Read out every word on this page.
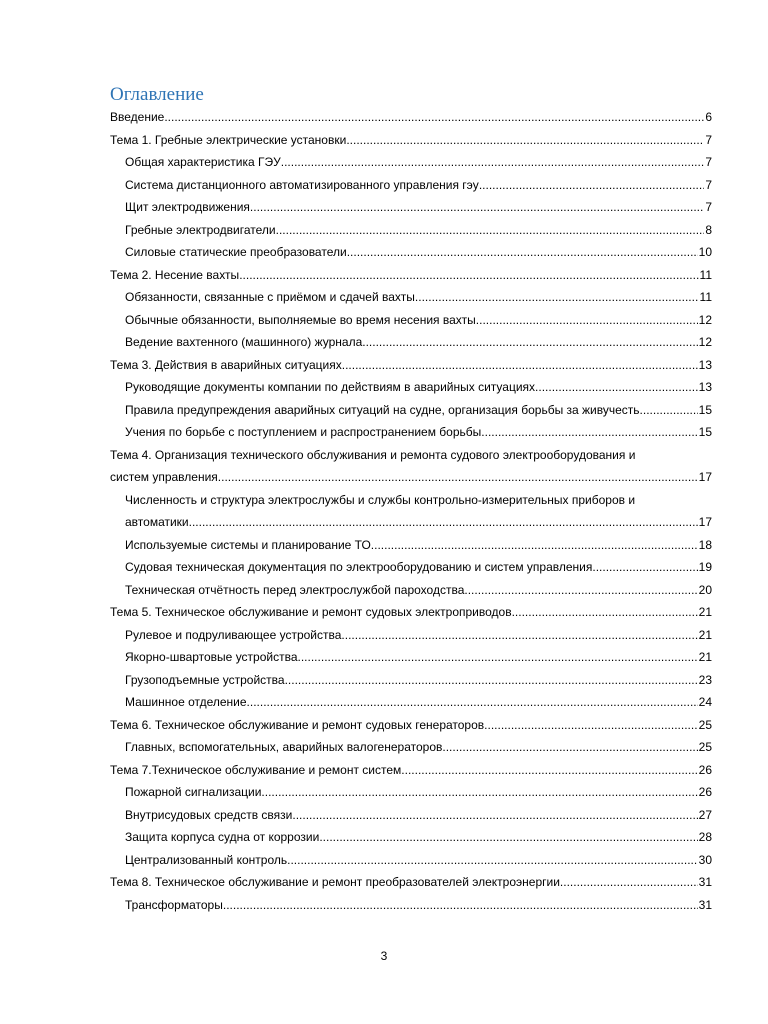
Оглавление
Введение .....	6
Тема 1. Гребные электрические установки .....	7
Общая характеристика ГЭУ .....	7
Система дистанционного автоматизированного управления гэу .....	7
Щит электродвижения .....	7
Гребные электродвигатели .....	8
Силовые статические преобразователи .....	10
Тема 2. Несение вахты .....	11
Обязанности, связанные с приёмом и сдачей вахты .....	11
Обычные обязанности, выполняемые во время несения вахты .....	12
Ведение вахтенного (машинного) журнала .....	12
Тема 3. Действия в аварийных ситуациях .....	13
Руководящие документы компании по действиям в аварийных ситуациях .....	13
Правила предупреждения аварийных ситуаций на судне, организация борьбы за живучесть .....	15
Учения по борьбе с поступлением и распространением борьбы .....	15
Тема 4. Организация технического обслуживания и ремонта судового электрооборудования и
систем управления .....	17
Численность и структура электрослужбы и службы контрольно-измерительных приборов и
автоматики .....	17
Используемые системы и планирование ТО .....	18
Судовая техническая документация по электрооборудованию и систем управления .....	19
Техническая отчётность перед электрослужбой пароходства .....	20
Тема 5. Техническое обслуживание и ремонт судовых электроприводов .....	21
Рулевое и подруливающее устройства .....	21
Якорно-швартовые устройства .....	21
Грузоподъемные устройства .....	23
Машинное отделение .....	24
Тема 6. Техническое обслуживание и ремонт судовых генераторов .....	25
Главных, вспомогательных, аварийных валогенераторов .....	25
Тема 7.Техническое обслуживание и ремонт систем .....	26
Пожарной сигнализации .....	26
Внутрисудовых средств связи .....	27
Защита корпуса судна от коррозии .....	28
Централизованный контроль .....	30
Тема 8. Техническое обслуживание и ремонт преобразователей электроэнергии .....	31
Трансформаторы .....	31
3
